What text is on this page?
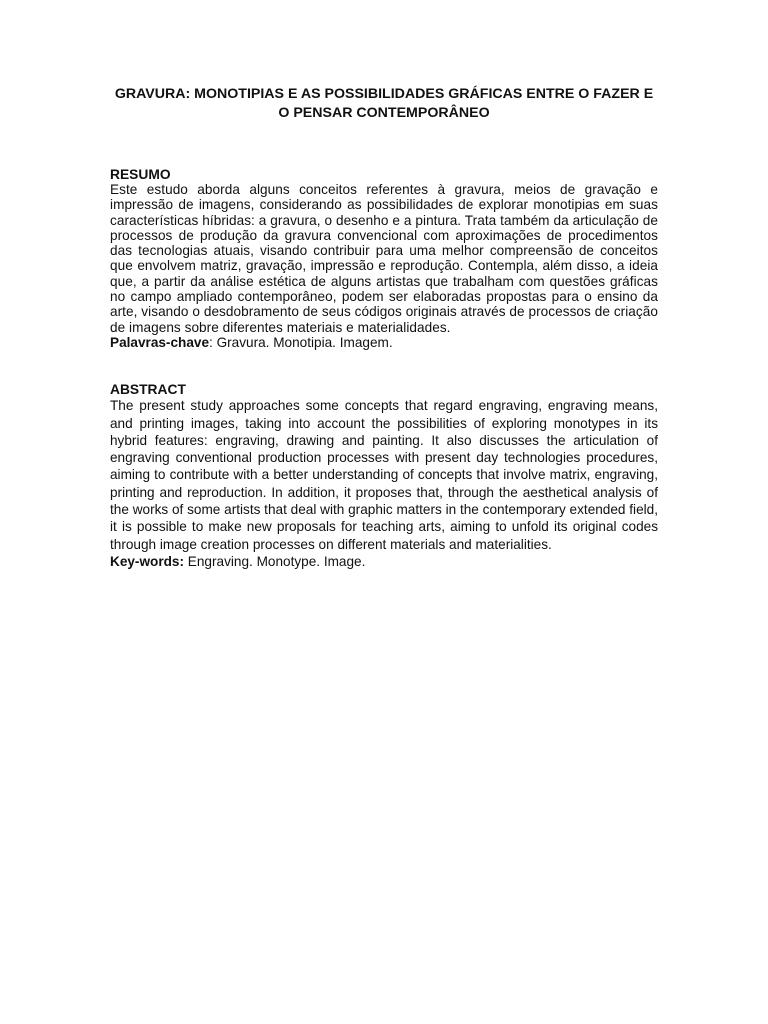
GRAVURA: MONOTIPIAS E AS POSSIBILIDADES GRÁFICAS ENTRE O FAZER E O PENSAR CONTEMPORÂNEO
RESUMO

Este estudo aborda alguns conceitos referentes à gravura, meios de gravação e impressão de imagens, considerando as possibilidades de explorar monotipias em suas características híbridas: a gravura, o desenho e a pintura. Trata também da articulação de processos de produção da gravura convencional com aproximações de procedimentos das tecnologias atuais, visando contribuir para uma melhor compreensão de conceitos que envolvem matriz, gravação, impressão e reprodução. Contempla, além disso, a ideia que, a partir da análise estética de alguns artistas que trabalham com questões gráficas no campo ampliado contemporâneo, podem ser elaboradas propostas para o ensino da arte, visando o desdobramento de seus códigos originais através de processos de criação de imagens sobre diferentes materiais e materialidades.

Palavras-chave: Gravura. Monotipia. Imagem.

ABSTRACT

The present study approaches some concepts that regard engraving, engraving means, and printing images, taking into account the possibilities of exploring monotypes in its hybrid features: engraving, drawing and painting. It also discusses the articulation of engraving conventional production processes with present day technologies procedures, aiming to contribute with a better understanding of concepts that involve matrix, engraving, printing and reproduction. In addition, it proposes that, through the aesthetical analysis of the works of some artists that deal with graphic matters in the contemporary extended field, it is possible to make new proposals for teaching arts, aiming to unfold its original codes through image creation processes on different materials and materialities.

Key-words: Engraving. Monotype. Image.
